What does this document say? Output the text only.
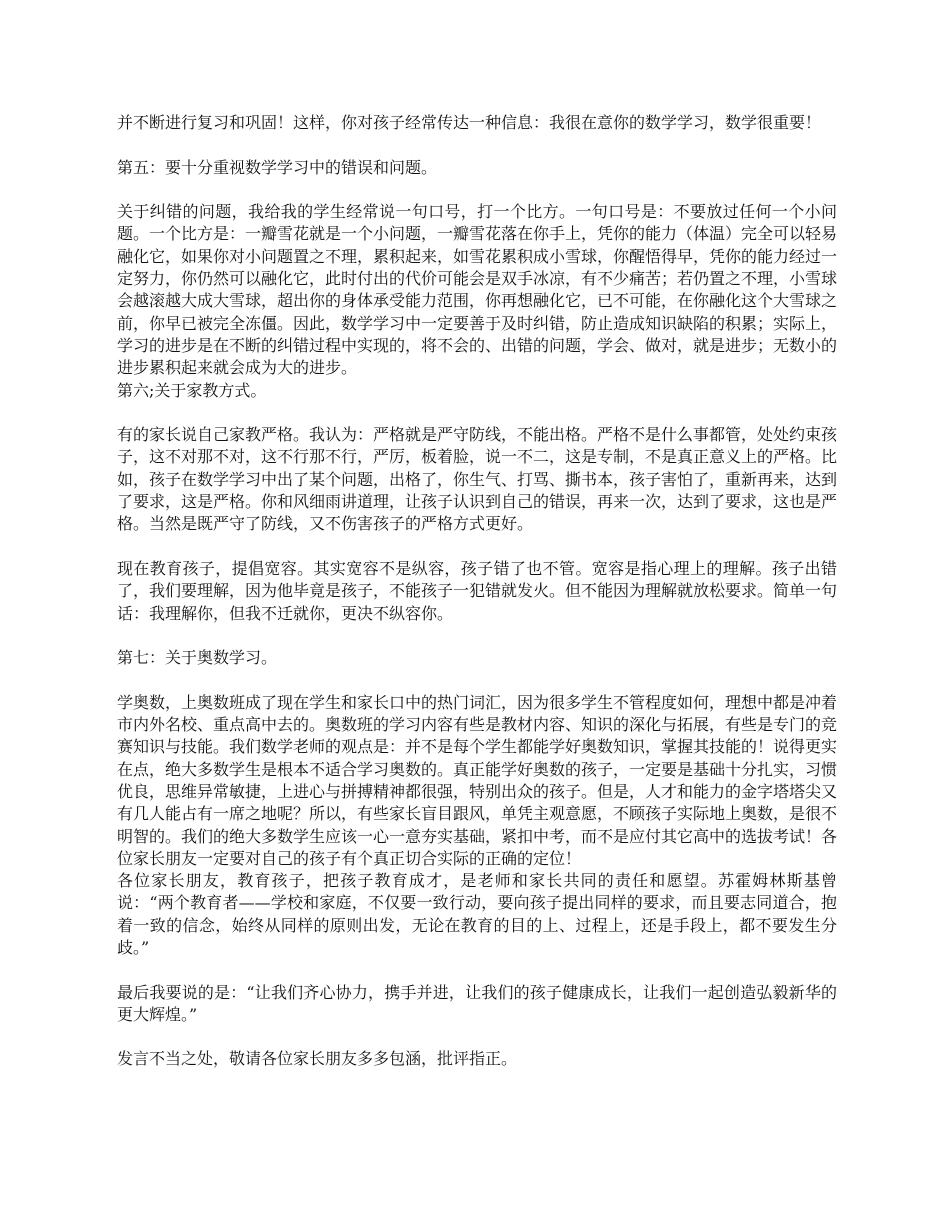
并不断进行复习和巩固！这样，你对孩子经常传达一种信息：我很在意你的数学学习，数学很重要！

第五：要十分重视数学学习中的错误和问题。

关于纠错的问题，我给我的学生经常说一句口号，打一个比方。一句口号是：不要放过任何一个小问题。一个比方是：一瓣雪花就是一个小问题，一瓣雪花落在你手上，凭你的能力（体温）完全可以轻易融化它，如果你对小问题置之不理，累积起来，如雪花累积成小雪球，你醒悟得早，凭你的能力经过一定努力，你仍然可以融化它，此时付出的代价可能会是双手冰凉，有不少痛苦；若仍置之不理，小雪球会越滚越大成大雪球，超出你的身体承受能力范围，你再想融化它，已不可能，在你融化这个大雪球之前，你早已被完全冻僵。因此，数学学习中一定要善于及时纠错，防止造成知识缺陷的积累；实际上，学习的进步是在不断的纠错过程中实现的，将不会的、出错的问题，学会、做对，就是进步；无数小的进步累积起来就会成为大的进步。

第六;关于家教方式。

有的家长说自己家教严格。我认为：严格就是严守防线，不能出格。严格不是什么事都管，处处约束孩子，这不对那不对，这不行那不行，严厉，板着脸，说一不二，这是专制，不是真正意义上的严格。比如，孩子在数学学习中出了某个问题，出格了，你生气、打骂、撕书本，孩子害怕了，重新再来，达到了要求，这是严格。你和风细雨讲道理，让孩子认识到自己的错误，再来一次，达到了要求，这也是严格。当然是既严守了防线，又不伤害孩子的严格方式更好。

现在教育孩子，提倡宽容。其实宽容不是纵容，孩子错了也不管。宽容是指心理上的理解。孩子出错了，我们要理解，因为他毕竟是孩子，不能孩子一犯错就发火。但不能因为理解就放松要求。简单一句话：我理解你，但我不迁就你，更决不纵容你。

第七：关于奥数学习。

学奥数，上奥数班成了现在学生和家长口中的热门词汇，因为很多学生不管程度如何，理想中都是冲着市内外名校、重点高中去的。奥数班的学习内容有些是教材内容、知识的深化与拓展，有些是专门的竞赛知识与技能。我们数学老师的观点是：并不是每个学生都能学好奥数知识，掌握其技能的！说得更实在点，绝大多数学生是根本不适合学习奥数的。真正能学好奥数的孩子，一定要是基础十分扎实，习惯优良，思维异常敏捷，上进心与拼搏精神都很强，特别出众的孩子。但是，人才和能力的金字塔塔尖又有几人能占有一席之地呢？所以，有些家长盲目跟风，单凭主观意愿，不顾孩子实际地上奥数，是很不明智的。我们的绝大多数学生应该一心一意夯实基础，紧扣中考，而不是应付其它高中的选拔考试！各位家长朋友一定要对自己的孩子有个真正切合实际的正确的定位！

各位家长朋友，教育孩子，把孩子教育成才，是老师和家长共同的责任和愿望。苏霍姆林斯基曾说：“两个教育者——学校和家庭，不仅要一致行动，要向孩子提出同样的要求，而且要志同道合，抱着一致的信念，始终从同样的原则出发，无论在教育的目的上、过程上，还是手段上，都不要发生分歧。”

最后我要说的是：“让我们齐心协力，携手并进，让我们的孩子健康成长，让我们一起创造弘毅新华的更大辉煌。”

发言不当之处，敬请各位家长朋友多多包涵，批评指正。
